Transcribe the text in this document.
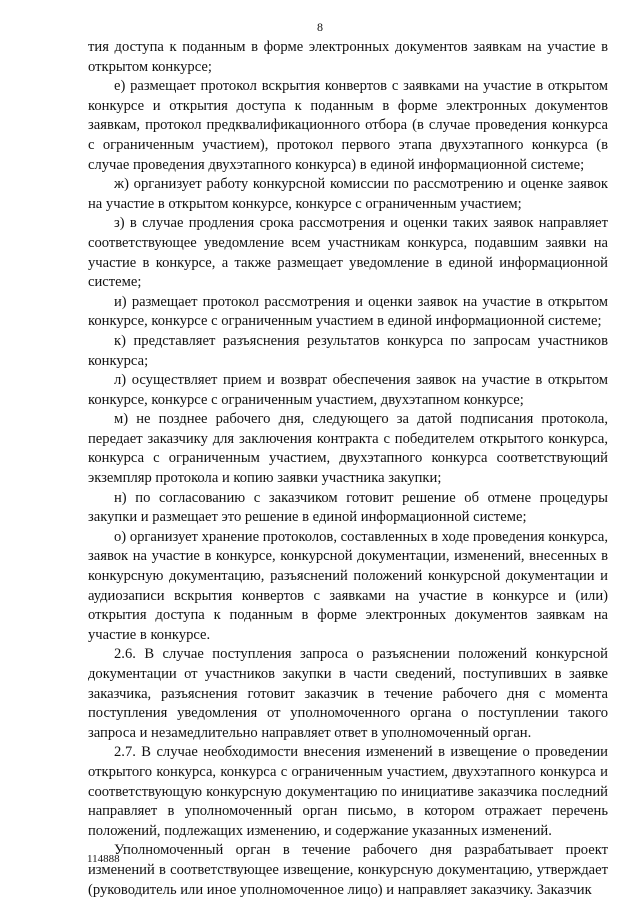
8

тия доступа к поданным в форме электронных документов заявкам на участие в открытом конкурсе;

е) размещает протокол вскрытия конвертов с заявками на участие в открытом конкурсе и открытия доступа к поданным в форме электронных документов заявкам, протокол предквалификационного отбора (в случае проведения конкурса с ограниченным участием), протокол первого этапа двухэтапного конкурса (в случае проведения двухэтапного конкурса) в единой информационной системе;

ж) организует работу конкурсной комиссии по рассмотрению и оценке заявок на участие в открытом конкурсе, конкурсе с ограниченным участием;

з) в случае продления срока рассмотрения и оценки таких заявок направляет соответствующее уведомление всем участникам конкурса, подавшим заявки на участие в конкурсе, а также размещает уведомление в единой информационной системе;

и) размещает протокол рассмотрения и оценки заявок на участие в открытом конкурсе, конкурсе с ограниченным участием в единой информационной системе;

к) представляет разъяснения результатов конкурса по запросам участников конкурса;

л) осуществляет прием и возврат обеспечения заявок на участие в открытом конкурсе, конкурсе с ограниченным участием, двухэтапном конкурсе;

м) не позднее рабочего дня, следующего за датой подписания протокола, передает заказчику для заключения контракта с победителем открытого конкурса, конкурса с ограниченным участием, двухэтапного конкурса соответствующий экземпляр протокола и копию заявки участника закупки;

н) по согласованию с заказчиком готовит решение об отмене процедуры закупки и размещает это решение в единой информационной системе;

о) организует хранение протоколов, составленных в ходе проведения конкурса, заявок на участие в конкурсе, конкурсной документации, изменений, внесенных в конкурсную документацию, разъяснений положений конкурсной документации и аудиозаписи вскрытия конвертов с заявками на участие в конкурсе и (или) открытия доступа к поданным в форме электронных документов заявкам на участие в конкурсе.

2.6. В случае поступления запроса о разъяснении положений конкурсной документации от участников закупки в части сведений, поступивших в заявке заказчика, разъяснения готовит заказчик в течение рабочего дня с момента поступления уведомления от уполномоченного органа о поступлении такого запроса и незамедлительно направляет ответ в уполномоченный орган.

2.7. В случае необходимости внесения изменений в извещение о проведении открытого конкурса, конкурса с ограниченным участием, двухэтапного конкурса и соответствующую конкурсную документацию по инициативе заказчика последний направляет в уполномоченный орган письмо, в котором отражает перечень положений, подлежащих изменению, и содержание указанных изменений.

Уполномоченный орган в течение рабочего дня разрабатывает проект изменений в соответствующее извещение, конкурсную документацию, утверждает (руководитель или иное уполномоченное лицо) и направляет заказчику. Заказчик

114888
